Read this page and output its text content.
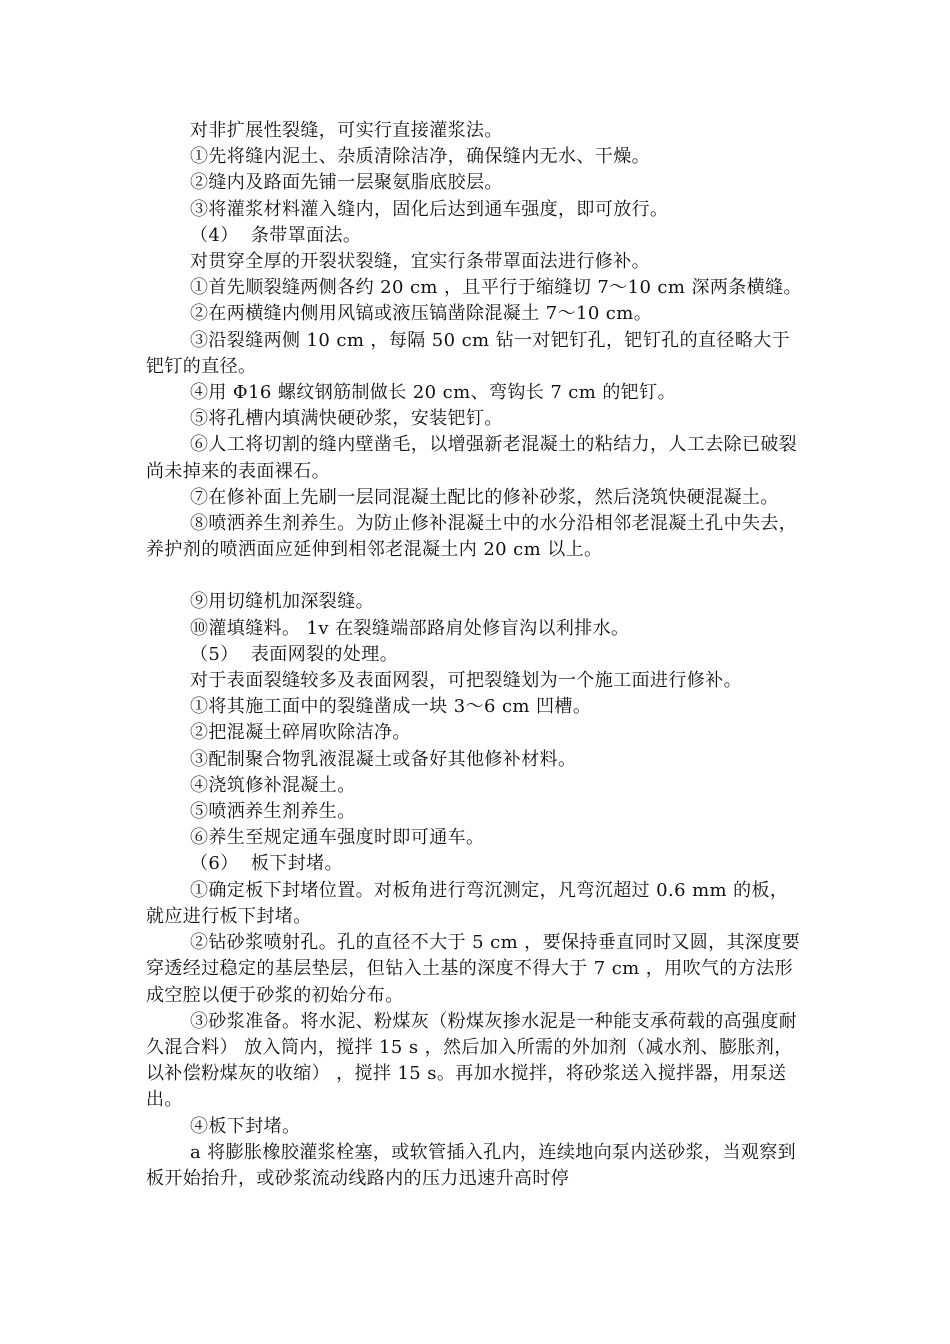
对非扩展性裂缝，可实行直接灌浆法。

①先将缝内泥土、杂质清除洁净，确保缝内无水、干燥。

②缝内及路面先铺一层聚氨脂底胶层。

③将灌浆材料灌入缝内，固化后达到通车强度，即可放行。

（4）  条带罩面法。

对贯穿全厚的开裂状裂缝，宜实行条带罩面法进行修补。

①首先顺裂缝两侧各约 20 cm ，且平行于缩缝切 7～10 cm 深两条横缝。

②在两横缝内侧用风镐或液压镐凿除混凝土 7～10 cm。

③沿裂缝两侧 10 cm ，每隔 50 cm 钻一对钯钉孔，钯钉孔的直径略大于钯钉的直径。

④用 Φ16 螺纹钢筋制做长 20 cm、弯钩长 7 cm 的钯钉。

⑤将孔槽内填满快硬砂浆，安装钯钉。

⑥人工将切割的缝内壁凿毛，以增强新老混凝土的粘结力，人工去除已破裂尚未掉来的表面裸石。

⑦在修补面上先刷一层同混凝土配比的修补砂浆，然后浇筑快硬混凝土。

⑧喷洒养生剂养生。为防止修补混凝土中的水分沿相邻老混凝土孔中失去，养护剂的喷洒面应延伸到相邻老混凝土内 20 cm 以上。

⑨用切缝机加深裂缝。

⑩灌填缝料。 1v 在裂缝端部路肩处修盲沟以利排水。

（5）  表面网裂的处理。

对于表面裂缝较多及表面网裂，可把裂缝划为一个施工面进行修补。

①将其施工面中的裂缝凿成一块 3～6 cm 凹槽。

②把混凝土碎屑吹除洁净。

③配制聚合物乳液混凝土或备好其他修补材料。

④浇筑修补混凝土。

⑤喷洒养生剂养生。

⑥养生至规定通车强度时即可通车。

（6）  板下封堵。

①确定板下封堵位置。对板角进行弯沉测定，凡弯沉超过 0.6 mm 的板，就应进行板下封堵。

②钻砂浆喷射孔。孔的直径不大于 5 cm ，要保持垂直同时又圆，其深度要穿透经过稳定的基层垫层，但钻入土基的深度不得大于 7 cm ，用吹气的方法形成空腔以便于砂浆的初始分布。

③砂浆准备。将水泥、粉煤灰（粉煤灰掺水泥是一种能支承荷载的高强度耐久混合料） 放入筒内，搅拌 15 s ，然后加入所需的外加剂（减水剂、膨胀剂，以补偿粉煤灰的收缩） ，搅拌 15 s。再加水搅拌，将砂浆送入搅拌器，用泵送出。

④板下封堵。

a 将膨胀橡胶灌浆栓塞，或软管插入孔内，连续地向泵内送砂浆，当观察到板开始抬升，或砂浆流动线路内的压力迅速升高时停
